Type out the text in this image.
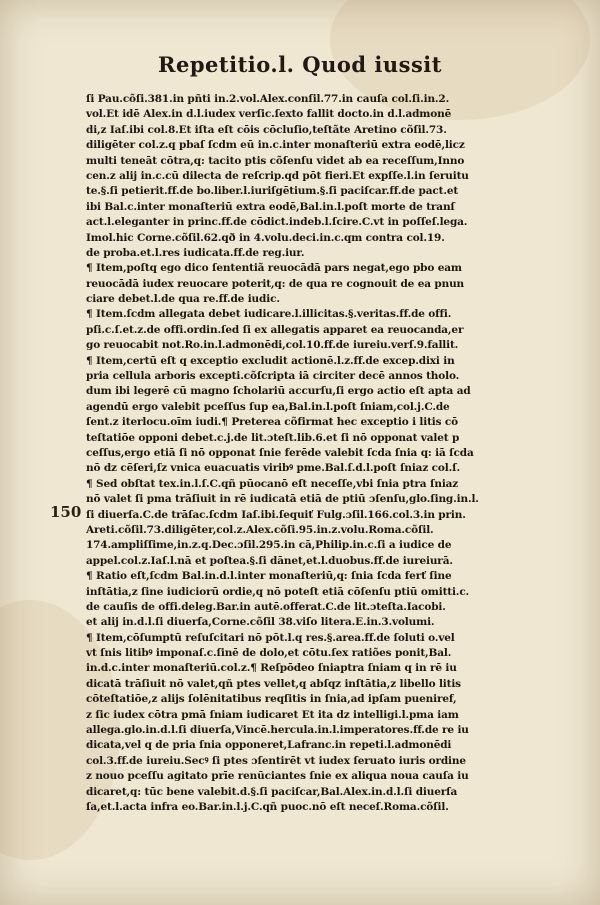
Repetitio.l. Quod iussit
150
ſi Pau.cõſi.381.in pñti in.2.vol.Alex.conſil.77.in cauſa col.ſi.in.2.
vol.Et idē Alex.in d.l.iudex verſic.ſexto fallit docto.in d.l.admonē
di,z Iaſ.ibi col.8.Et iſta eſt cōis cōcluſio,teſtãte Aretino cõſil.73.
diligēter col.z.q pbaſ ſcdm eū in.c.inter monaſteriū extra eodē,licz
multi teneāt cōtra,q: tacito ptis cõſenſu videt ab ea receſſum,Inno
cen.z alij in.c.cū dilecta de reſcrip.qd pōt fieri.Et expſſe.l.in ſeruitu
te.§.ſi petierit.ff.de bo.liber.l.iuriſgētium.§.ſi paciſcar.ff.de pact.et
ibi Bal.c.inter monaſteriū extra eodē,Bal.in.l.poſt morte de tranſ
act.l.eleganter in princ.ff.de cōdict.indeb.l.ſcire.C.vt in poſſeſ.lega.
Imol.hic Corne.cõſil.62.qð in 4.volu.deci.in.c.qm contra col.19.
de proba.et.l.res iudicata.ff.de reg.iur.
¶ Item,poſtq ego dico ſententiã reuocādā pars negat,ego pbo eam
reuocādā iudex reuocare poterit,q: de qua re cognouit de ea pnun
ciare debet.l.de qua re.ff.de iudic.
¶ Item.ſcdm allegata debet iudicare.l.illicitas.§.veritas.ff.de offi.
pſi.c.ſ.et.z.de offi.ordin.ſed ſi ex allegatis apparet ea reuocanda,er
go reuocabit not.Ro.in.l.admonēdi,col.10.ff.de iureiu.verſ.9.fallit.
¶ Item,certū eſt q exceptio excludit actionē.l.z.ff.de excep.dixi in
pria cellula arboris excepti.cõſcripta iā circiter decē annos tholo.
dum ibi legerē cū magno ſcholariū accurſu,ſi ergo actio eſt apta ad
agendū ergo valebit pceſſus ſup ea,Bal.in.l.poſt ſniam,col.j.C.de
ſent.z iterlocu.oīm iudi.¶ Preterea cõfirmat hec exceptio i litis cō
teſtatiōe opponi debet.c.j.de lit.ɔteſt.lib.6.et ſi nō opponat valet p
ceſſus,ergo etiā ſi nō opponat ſnie ferēde valebit ſcda ſnia q: iā ſcda
nō dz cēſeri,ſz vnica euacuatis viribꝰ pme.Bal.ſ.d.l.poſt ſniaz col.ſ.
¶ Sed obſtat tex.in.l.ſ.C.qñ pūocanō eſt neceſſe,vbi ſnia ptra ſniaz
nō valet ſi pma trāſiuit in rē iudicatā etiā de ptiū ɔſenſu,glo.ſing.in.l.
ſi diuerſa.C.de trāſac.ſcdm Iaſ.ibi.ſequiť Fulg.ɔſil.166.col.3.in prin.
Areti.cõſil.73.diligēter,col.z.Alex.cõſi.95.in.z.volu.Roma.cõſil.
174.ampliſſime,in.z.q.Dec.ɔſil.295.in cā,Philip.in.c.ſi a iudice de
appel.col.z.Iaſ.l.nā et poſtea.§.ſi dānet,et.l.duobus.ff.de iureiurā.
¶ Ratio eſt,ſcdm Bal.in.d.l.inter monaſteriū,q: ſnia ſcda ferť ſine
inſtātia,z ſine iudiciorū ordie,q nō poteſt etiā cōſenſu ptiū omitti.c.
de cauſis de offi.deleg.Bar.in autē.offerat.C.de lit.ɔteſta.Iacobi.
et alij in.d.l.ſi diuerſa,Corne.cõſil 38.viſo litera.E.in.3.volumi.
¶ Item,cōſumptū reſuſcitari nō pōt.l.q res.§.area.ff.de ſoluti o.vel
vt ſnis litibꝰ imponaſ.c.ſinē de dolo,et cōtu.ſex ratiões ponit,Bal.
in.d.c.inter monaſteriū.col.z.¶ Reſpōdeo ſniaptra ſniam q in rē iu
dicatā trāſiuit nō valet,qñ ptes vellet,q abſqz inſtātia,z libello litis
cōteſtatiōe,z alijs ſolēnitatibus reqſitis in ſnia,ad ipſam pueniref,
z ſic iudex cōtra pmā ſniam iudicaret Et ita dz intelligi.l.pma iam
allega.glo.in.d.l.ſi diuerſa,Vincē.hercula.in.l.imperatores.ff.de re iu
dicata,vel q de pria ſnia opponeret,Lafranc.in repeti.l.admonēdi
col.3.ff.de iureiu.Secꝰ ſi ptes ɔſentirēt vt iudex ſeruato iuris ordine
z nouo pceſſu agitato prīe renūciantes ſnie ex aliqua noua cauſa iu
dicaret,q: tūc bene valebit.d.§.ſi paciſcar,Bal.Alex.in.d.l.ſi diuerſa
ſa,et.l.acta infra eo.Bar.in.l.j.C.qñ puoc.nō eſt neceſ.Roma.cõſil.
